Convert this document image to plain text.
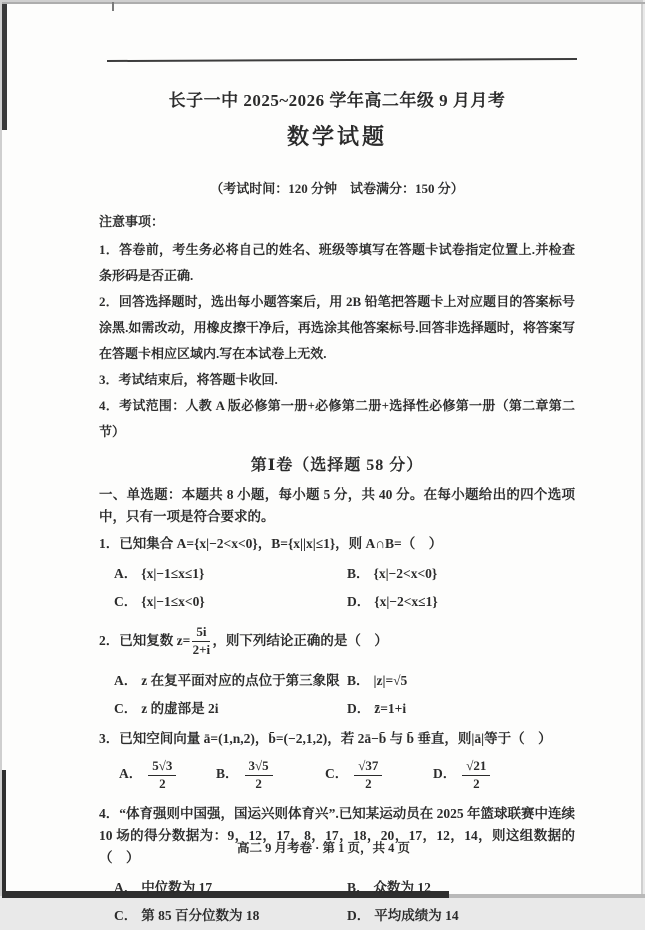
长子一中 2025~2026 学年高二年级 9 月月考
数学试题

（考试时间：120 分钟　试卷满分：150 分）

注意事项：

1．答卷前，考生务必将自己的姓名、班级等填写在答题卡试卷指定位置上.并检查条形码是否正确.

2．回答选择题时，选出每小题答案后，用 2B 铅笔把答题卡上对应题目的答案标号涂黑.如需改动，用橡皮擦干净后，再选涂其他答案标号.回答非选择题时，将答案写在答题卡相应区域内.写在本试卷上无效.

3．考试结束后，将答题卡收回.

4．考试范围：人教 A 版必修第一册+必修第二册+选择性必修第一册（第二章第二节）

第Ⅰ卷（选择题 58 分）

一、单选题：本题共 8 小题，每小题 5 分，共 40 分。在每小题给出的四个选项中，只有一项是符合要求的。

1．已知集合 A={x|−2<x<0}，B={x||x|≤1}，则 A∩B=（　）

A． {x|−1≤x≤1}	B． {x|−2<x<0}
C． {x|−1≤x<0}	D． {x|−2<x≤1}

2．已知复数 $z= \frac{5i}{2+i}$ ，则下列结论正确的是（　）

A． z 在复平面对应的点位于第三象限 B． |z|=√5
C． z 的虚部是 2i	D． z̄=1+i

3．已知空间向量 ā=(1,n,2)，b̄=(−2,1,2)，若 2ā−b̄ 与 b̄ 垂直，则|ā|等于（　）

A． $\frac{5√3}{2}$	B． $\frac{3√5}{2}$	C． $\frac{√37}{2}$	D． $\frac{√21}{2}$

4．“体育强则中国强，国运兴则体育兴”.已知某运动员在 2025 年篮球联赛中连续 10 场的得分数据为：9，12，17，8，17，18，20，17，12，14，则这组数据的（　）

A． 中位数为 17	B． 众数为 12
C． 第 85 百分位数为 18	D． 平均成绩为 14
高二 9 月考卷 · 第 1 页，共 4 页
